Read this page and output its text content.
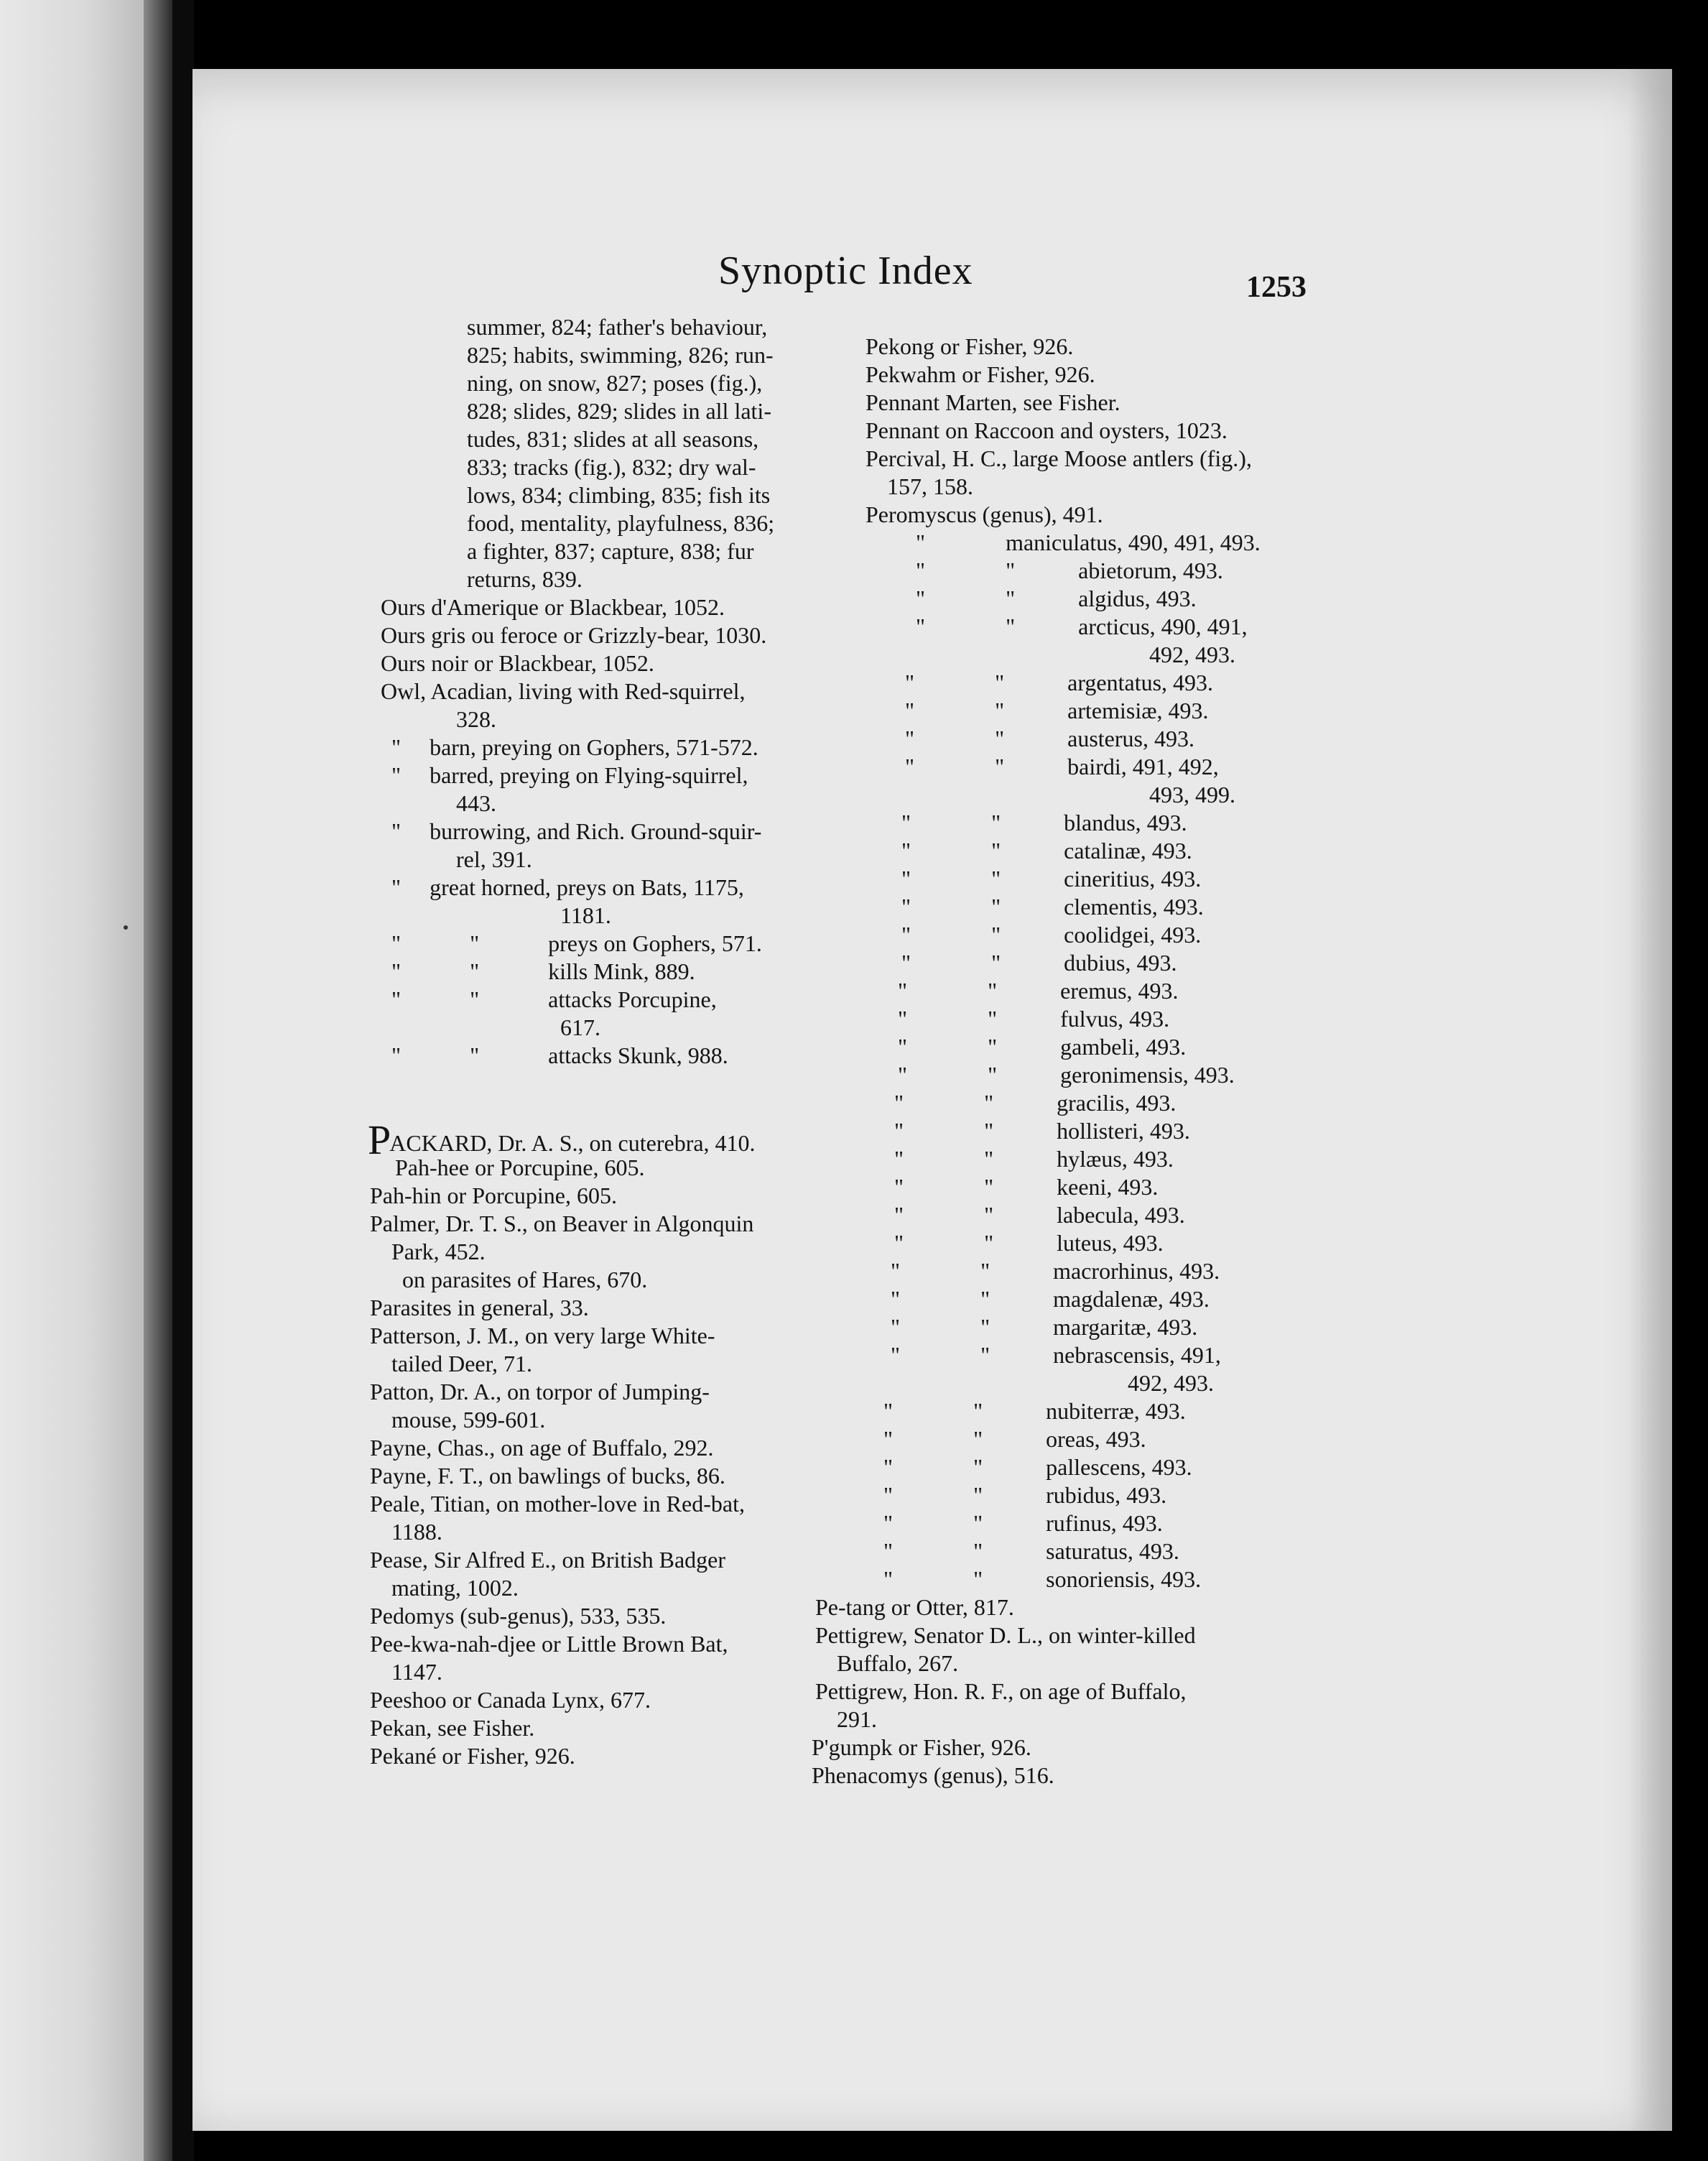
Synoptic Index	1253
summer, 824; father's behaviour,
825; habits, swimming, 826; run-
ning, on snow, 827; poses (fig.),
828; slides, 829; slides in all lati-
tudes, 831; slides at all seasons,
833; tracks (fig.), 832; dry wal-
lows, 834; climbing, 835; fish its
food, mentality, playfulness, 836;
a fighter, 837; capture, 838; fur
returns, 839.
Ours d'Amerique or Blackbear, 1052.
Ours gris ou feroce or Grizzly-bear, 1030.
Ours noir or Blackbear, 1052.
Owl, Acadian, living with Red-squirrel,
328.
"     barn, preying on Gophers, 571-572.
"     barred, preying on Flying-squirrel,
443.
"     burrowing, and Rich. Ground-squir-
rel, 391.
"     great horned, preys on Bats, 1175,
1181.
"            "            preys on Gophers, 571.
"            "            kills Mink, 889.
"            "            attacks Porcupine,
617.
"            "            attacks Skunk, 988.
PACKARD, Dr. A. S., on cuterebra, 410.
Pah-hee or Porcupine, 605.
Pah-hin or Porcupine, 605.
Palmer, Dr. T. S., on Beaver in Algonquin
Park, 452.
on parasites of Hares, 670.
Parasites in general, 33.
Patterson, J. M., on very large White-
tailed Deer, 71.
Patton, Dr. A., on torpor of Jumping-
mouse, 599-601.
Payne, Chas., on age of Buffalo, 292.
Payne, F. T., on bawlings of bucks, 86.
Peale, Titian, on mother-love in Red-bat,
1188.
Pease, Sir Alfred E., on British Badger
mating, 1002.
Pedomys (sub-genus), 533, 535.
Pee-kwa-nah-djee or Little Brown Bat,
1147.
Peeshoo or Canada Lynx, 677.
Pekan, see Fisher.
Pekané or Fisher, 926.
Pekong or Fisher, 926.
Pekwahm or Fisher, 926.
Pennant Marten, see Fisher.
Pennant on Raccoon and oysters, 1023.
Percival, H. C., large Moose antlers (fig.),
157, 158.
Peromyscus (genus), 491.
"              maniculatus, 490, 491, 493.
"              "           abietorum, 493.
"              "           algidus, 493.
"              "           arcticus, 490, 491,
492, 493.
"              "           argentatus, 493.
"              "           artemisiæ, 493.
"              "           austerus, 493.
"              "           bairdi, 491, 492,
493, 499.
"              "           blandus, 493.
"              "           catalinæ, 493.
"              "           cineritius, 493.
"              "           clementis, 493.
"              "           coolidgei, 493.
"              "           dubius, 493.
"              "           eremus, 493.
"              "           fulvus, 493.
"              "           gambeli, 493.
"              "           geronimensis, 493.
"              "           gracilis, 493.
"              "           hollisteri, 493.
"              "           hylæus, 493.
"              "           keeni, 493.
"              "           labecula, 493.
"              "           luteus, 493.
"              "           macrorhinus, 493.
"              "           magdalenæ, 493.
"              "           margaritæ, 493.
"              "           nebrascensis, 491,
492, 493.
"              "           nubiterræ, 493.
"              "           oreas, 493.
"              "           pallescens, 493.
"              "           rubidus, 493.
"              "           rufinus, 493.
"              "           saturatus, 493.
"              "           sonoriensis, 493.
Pe-tang or Otter, 817.
Pettigrew, Senator D. L., on winter-killed
Buffalo, 267.
Pettigrew, Hon. R. F., on age of Buffalo,
291.
P'gumpk or Fisher, 926.
Phenacomys (genus), 516.
